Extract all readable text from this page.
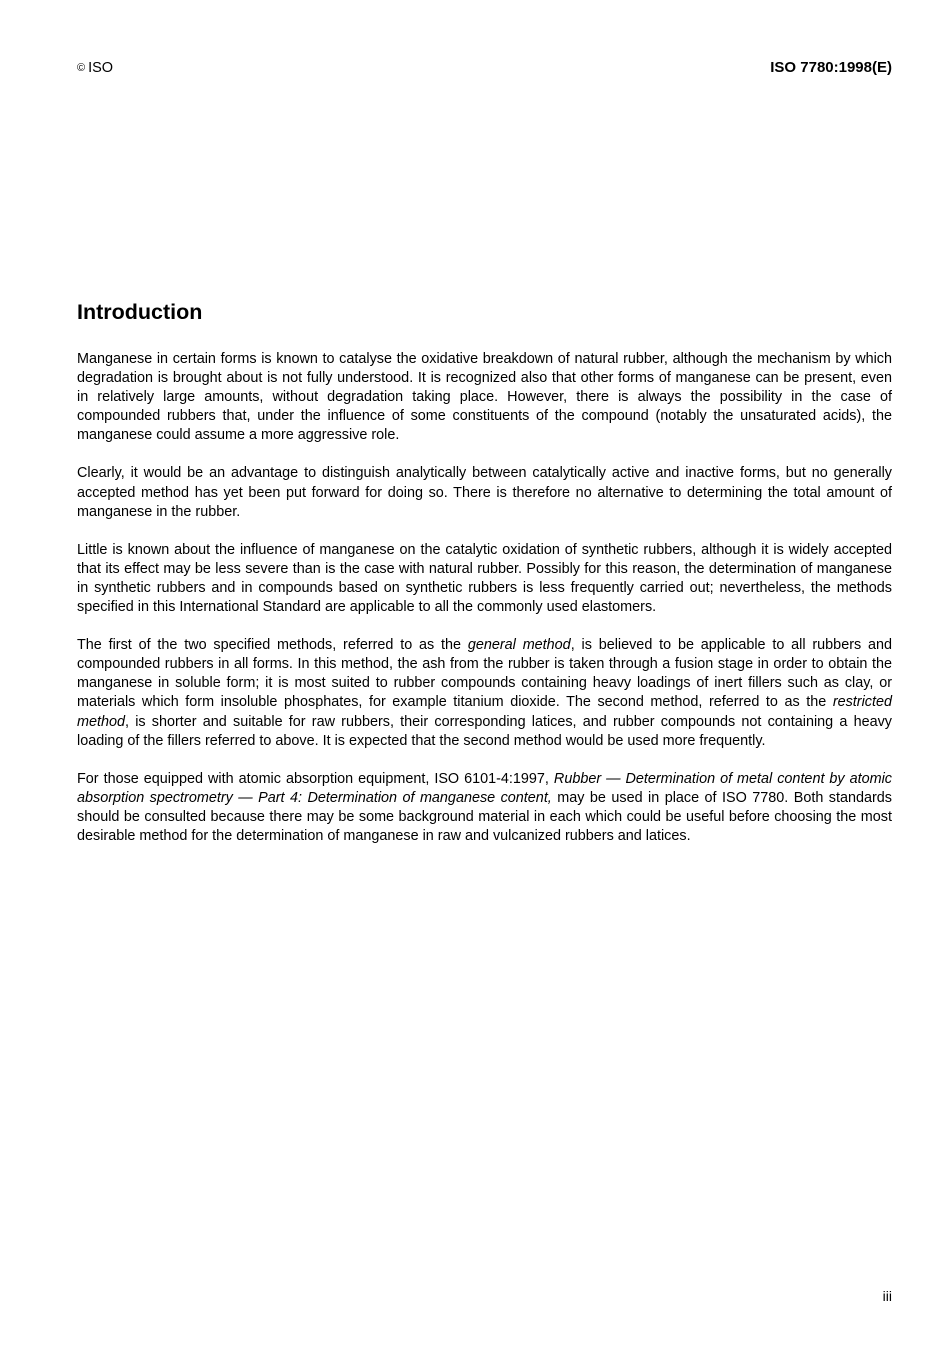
© ISO	ISO 7780:1998(E)
Introduction

Manganese in certain forms is known to catalyse the oxidative breakdown of natural rubber, although the mechanism by which degradation is brought about is not fully understood. It is recognized also that other forms of manganese can be present, even in relatively large amounts, without degradation taking place. However, there is always the possibility in the case of compounded rubbers that, under the influence of some constituents of the compound (notably the unsaturated acids), the manganese could assume a more aggressive role.

Clearly, it would be an advantage to distinguish analytically between catalytically active and inactive forms, but no generally accepted method has yet been put forward for doing so. There is therefore no alternative to determining the total amount of manganese in the rubber.

Little is known about the influence of manganese on the catalytic oxidation of synthetic rubbers, although it is widely accepted that its effect may be less severe than is the case with natural rubber. Possibly for this reason, the determination of manganese in synthetic rubbers and in compounds based on synthetic rubbers is less frequently carried out; nevertheless, the methods specified in this International Standard are applicable to all the commonly used elastomers.

The first of the two specified methods, referred to as the general method, is believed to be applicable to all rubbers and compounded rubbers in all forms. In this method, the ash from the rubber is taken through a fusion stage in order to obtain the manganese in soluble form; it is most suited to rubber compounds containing heavy loadings of inert fillers such as clay, or materials which form insoluble phosphates, for example titanium dioxide. The second method, referred to as the restricted method, is shorter and suitable for raw rubbers, their corresponding latices, and rubber compounds not containing a heavy loading of the fillers referred to above. It is expected that the second method would be used more frequently.

For those equipped with atomic absorption equipment, ISO 6101-4:1997, Rubber — Determination of metal content by atomic absorption spectrometry — Part 4: Determination of manganese content, may be used in place of ISO 7780. Both standards should be consulted because there may be some background material in each which could be useful before choosing the most desirable method for the determination of manganese in raw and vulcanized rubbers and latices.

iii
